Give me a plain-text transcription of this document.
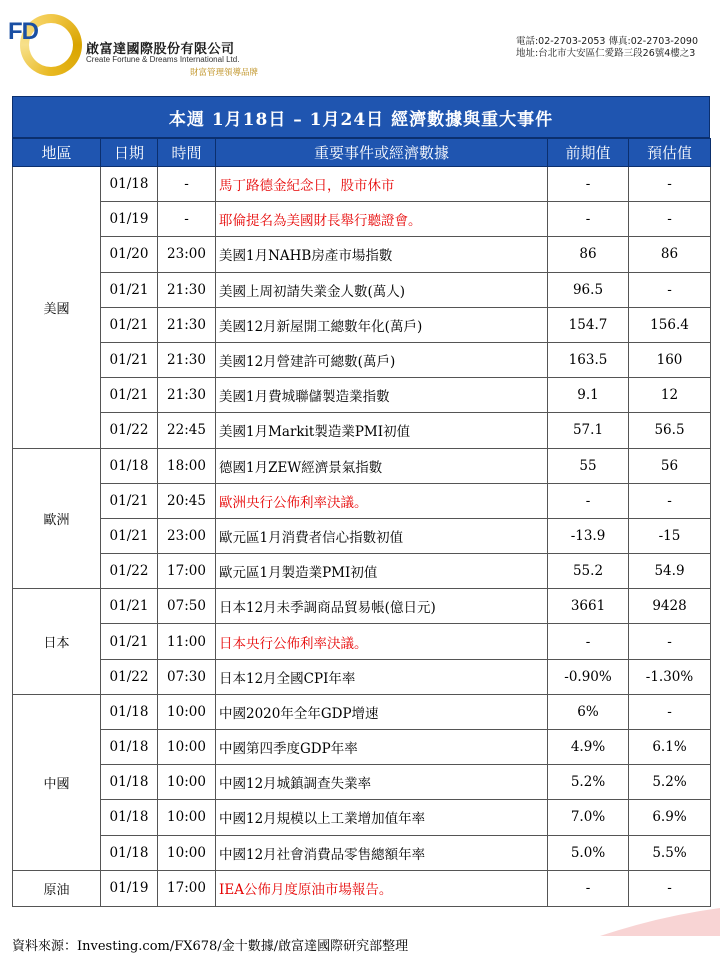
FD
啟富達國際股份有限公司
Create Fortune & Dreams International Ltd.
財富管理領導品牌
電話:02-2703-2053 傳真:02-2703-2090
地址:台北市大安區仁愛路三段26號4樓之3
本週 1月18日 – 1月24日 經濟數據與重大事件
地區	日期	時間	重要事件或經濟數據	前期值	預估值
美國	01/18	-	馬丁路德金紀念日，股市休市	-	-
	01/19	-	耶倫提名為美國財長舉行聽證會。	-	-
	01/20	23:00	美國1月NAHB房產市場指數	86	86
	01/21	21:30	美國上周初請失業金人數(萬人)	96.5	-
	01/21	21:30	美國12月新屋開工總數年化(萬戶)	154.7	156.4
	01/21	21:30	美國12月營建許可總數(萬戶)	163.5	160
	01/21	21:30	美國1月費城聯儲製造業指數	9.1	12
	01/22	22:45	美國1月Markit製造業PMI初值	57.1	56.5
歐洲	01/18	18:00	德國1月ZEW經濟景氣指數	55	56
	01/21	20:45	歐洲央行公佈利率決議。	-	-
	01/21	23:00	歐元區1月消費者信心指數初值	-13.9	-15
	01/22	17:00	歐元區1月製造業PMI初值	55.2	54.9
日本	01/21	07:50	日本12月未季調商品貿易帳(億日元)	3661	9428
	01/21	11:00	日本央行公佈利率決議。	-	-
	01/22	07:30	日本12月全國CPI年率	-0.90%	-1.30%
中國	01/18	10:00	中國2020年全年GDP增速	6%	-
	01/18	10:00	中國第四季度GDP年率	4.9%	6.1%
	01/18	10:00	中國12月城鎮調查失業率	5.2%	5.2%
	01/18	10:00	中國12月規模以上工業增加值年率	7.0%	6.9%
	01/18	10:00	中國12月社會消費品零售總額年率	5.0%	5.5%
原油	01/19	17:00	IEA公佈月度原油市場報告。	-	-
資料來源：Investing.com/FX678/金十數據/啟富達國際研究部整理
